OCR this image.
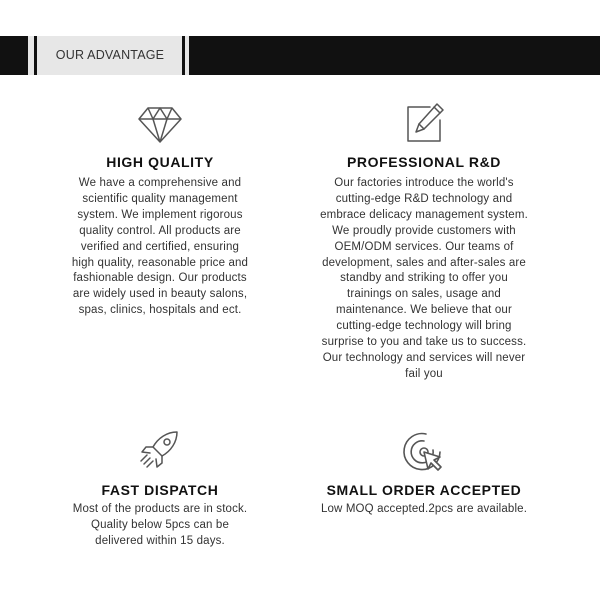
OUR ADVANTAGE
HIGH QUALITY
We have a comprehensive and scientific quality management system. We implement rigorous quality control. All products are verified and certified, ensuring high quality, reasonable price and fashionable design. Our products are widely used in beauty salons, spas, clinics, hospitals and ect.
PROFESSIONAL R&D
Our factories introduce the world's cutting-edge R&D technology and embrace delicacy management system. We proudly provide customers with OEM/ODM services. Our teams of development, sales and after-sales are standby and striking to offer you trainings on sales, usage and maintenance. We believe that our cutting-edge technology will bring surprise to you and take us to success. Our technology and services will never fail you
FAST DISPATCH
Most of the products are in stock. Quality below 5pcs can be delivered within 15 days.
SMALL ORDER ACCEPTED
Low MOQ accepted.2pcs are available.
